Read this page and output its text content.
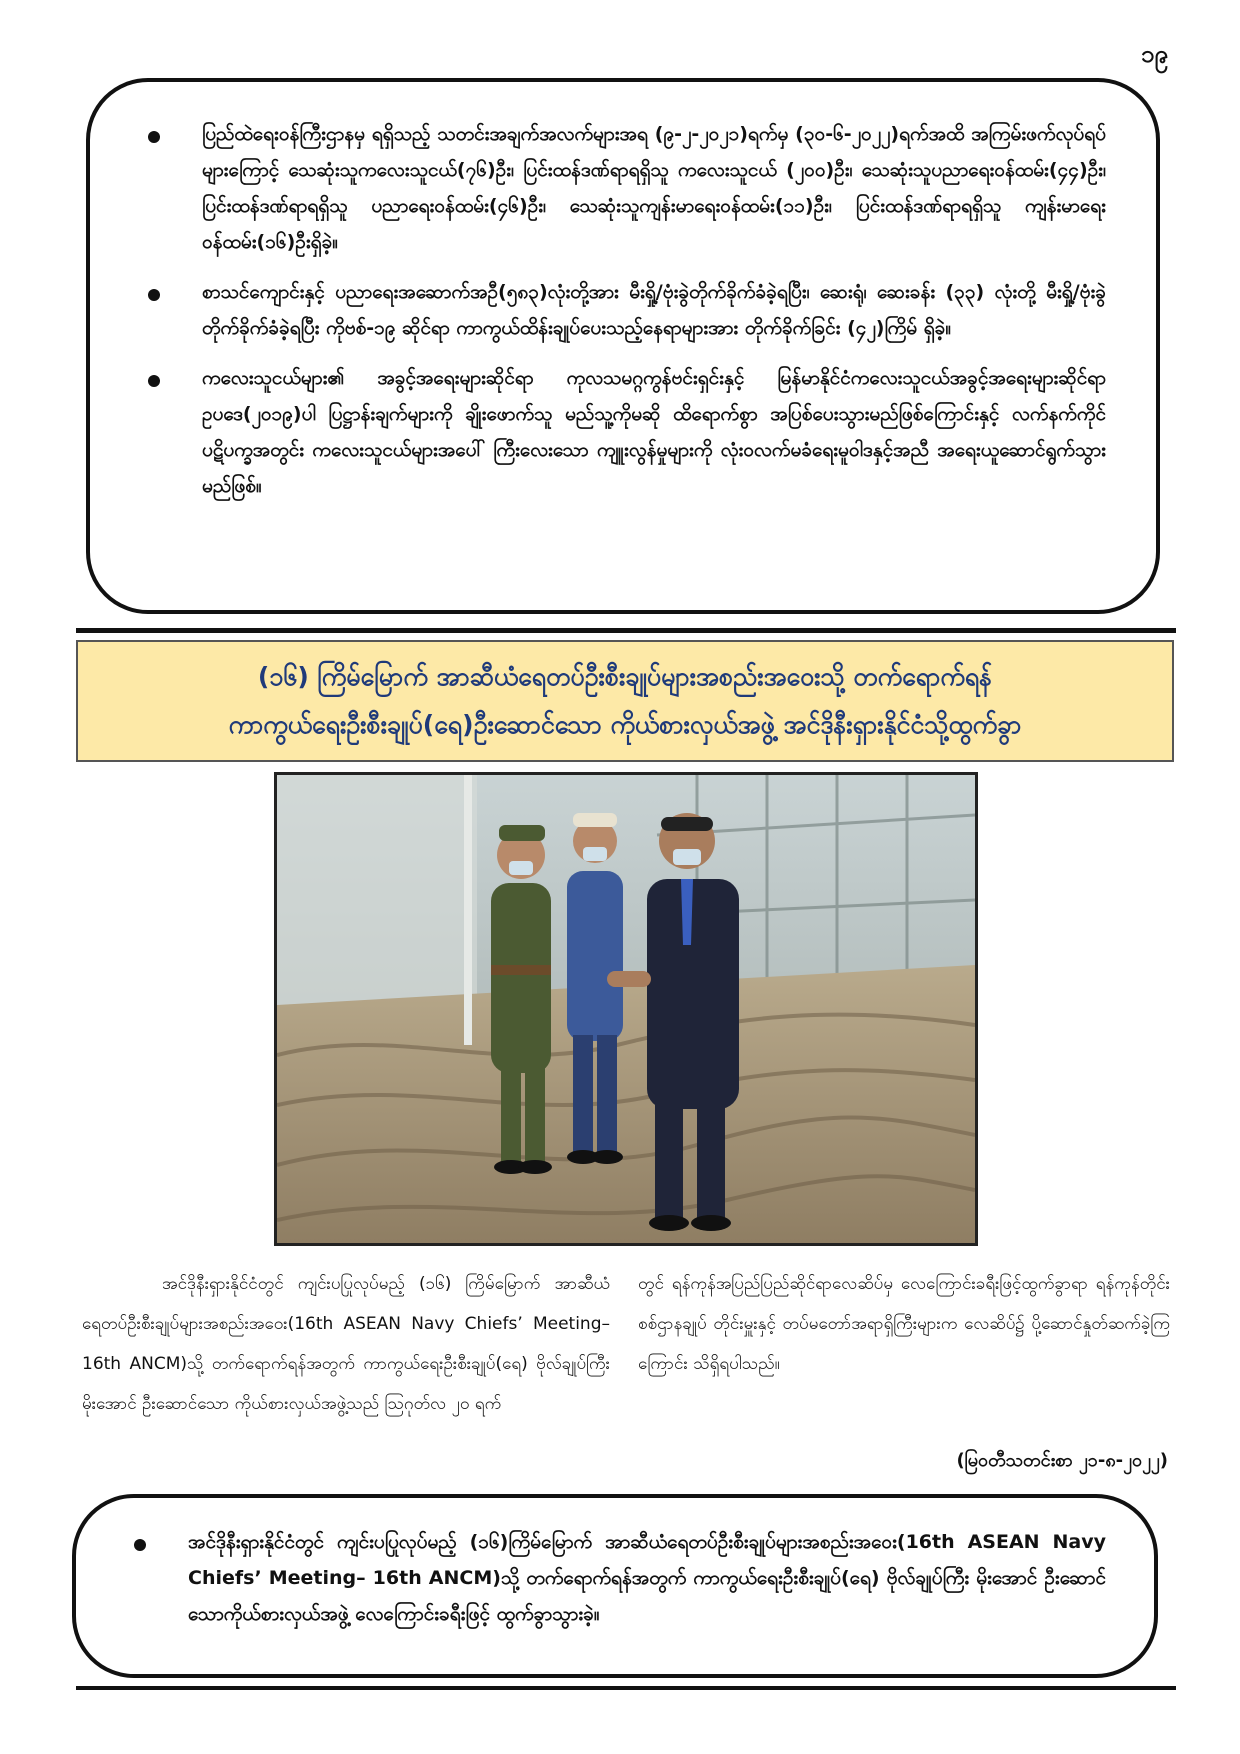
၁၉
ပြည်ထဲရေးဝန်ကြီးဌာနမှ ရရှိသည့် သတင်းအချက်အလက်များအရ (၉-၂-၂၀၂၁)ရက်မှ (၃၀-၆-၂၀၂၂)ရက်အထိ အကြမ်းဖက်လုပ်ရပ်များကြောင့် သေဆုံးသူကလေးသူငယ်(၇၆)ဦး၊ ပြင်းထန်ဒဏ်ရာရရှိသူ ကလေးသူငယ် (၂၀၀)ဦး၊ သေဆုံးသူပညာရေးဝန်ထမ်း(၄၄)ဦး၊ ပြင်းထန်ဒဏ်ရာရရှိသူ ပညာရေးဝန်ထမ်း(၄၆)ဦး၊ သေဆုံးသူကျန်းမာရေးဝန်ထမ်း(၁၁)ဦး၊ ပြင်းထန်ဒဏ်ရာရရှိသူ ကျန်းမာရေးဝန်ထမ်း(၁၆)ဦးရှိခဲ့။
စာသင်ကျောင်းနှင့် ပညာရေးအဆောက်အဦ(၅၈၃)လုံးတို့အား မီးရှို့/ဗုံးခွဲတိုက်ခိုက်ခံခဲ့ရပြီး၊ ဆေးရုံ၊ ဆေးခန်း (၃၃) လုံးတို့ မီးရှို့/ဗုံးခွဲတိုက်ခိုက်ခံခဲ့ရပြီး ကိုဗစ်-၁၉ ဆိုင်ရာ ကာကွယ်ထိန်းချုပ်ပေးသည့်နေရာများအား တိုက်ခိုက်ခြင်း (၄၂)ကြိမ် ရှိခဲ့။
ကလေးသူငယ်များ၏ အခွင့်အရေးများဆိုင်ရာ ကုလသမဂ္ဂကွန်ဗင်းရှင်းနှင့် မြန်မာနိုင်ငံကလေးသူငယ်အခွင့်အရေးများဆိုင်ရာဥပဒေ(၂၀၁၉)ပါ ပြဋ္ဌာန်းချက်များကို ချိုးဖောက်သူ မည်သူ့ကိုမဆို ထိရောက်စွာ အပြစ်ပေးသွားမည်ဖြစ်ကြောင်းနှင့် လက်နက်ကိုင်ပဋိပက္ခအတွင်း ကလေးသူငယ်များအပေါ် ကြီးလေးသော ကျူးလွန်မှုများကို လုံးဝလက်မခံရေးမူဝါဒနှင့်အညီ အရေးယူဆောင်ရွက်သွားမည်ဖြစ်။
(၁၆) ကြိမ်မြောက် အာဆီယံရေတပ်ဦးစီးချုပ်များအစည်းအဝေးသို့ တက်ရောက်ရန်
ကာကွယ်ရေးဦးစီးချုပ်(ရေ)ဦးဆောင်သော ကိုယ်စားလှယ်အဖွဲ့ အင်ဒိုနီးရှားနိုင်ငံသို့ထွက်ခွာ

အင်ဒိုနီးရှားနိုင်ငံတွင် ကျင်းပပြုလုပ်မည့် (၁၆) ကြိမ်မြောက် အာဆီယံရေတပ်ဦးစီးချုပ်များအစည်းအဝေး(16th ASEAN Navy Chiefs’ Meeting– 16th ANCM)သို့ တက်ရောက်ရန်အတွက် ကာကွယ်ရေးဦးစီးချုပ်(ရေ) ဗိုလ်ချုပ်ကြီးမိုးအောင် ဦးဆောင်သော ကိုယ်စားလှယ်အဖွဲ့သည် ဩဂုတ်လ ၂၀ ရက်

တွင် ရန်ကုန်အပြည်ပြည်ဆိုင်ရာလေဆိပ်မှ လေကြောင်းခရီးဖြင့်ထွက်ခွာရာ ရန်ကုန်တိုင်းစစ်ဌာနချုပ် တိုင်းမှူးနှင့် တပ်မတော်အရာရှိကြီးများက လေဆိပ်၌ ပို့ဆောင်နှုတ်ဆက်ခဲ့ကြကြောင်း သိရှိရပါသည်။

(မြဝတီသတင်းစာ ၂၁-၈-၂၀၂၂)
အင်ဒိုနီးရှားနိုင်ငံတွင် ကျင်းပပြုလုပ်မည့် (၁၆)ကြိမ်မြောက် အာဆီယံရေတပ်ဦးစီးချုပ်များအစည်းအဝေး(16th ASEAN Navy Chiefs’ Meeting– 16th ANCM)သို့ တက်ရောက်ရန်အတွက် ကာကွယ်ရေးဦးစီးချုပ်(ရေ) ဗိုလ်ချုပ်ကြီး မိုးအောင် ဦးဆောင်သောကိုယ်စားလှယ်အဖွဲ့ လေကြောင်းခရီးဖြင့် ထွက်ခွာသွားခဲ့။
